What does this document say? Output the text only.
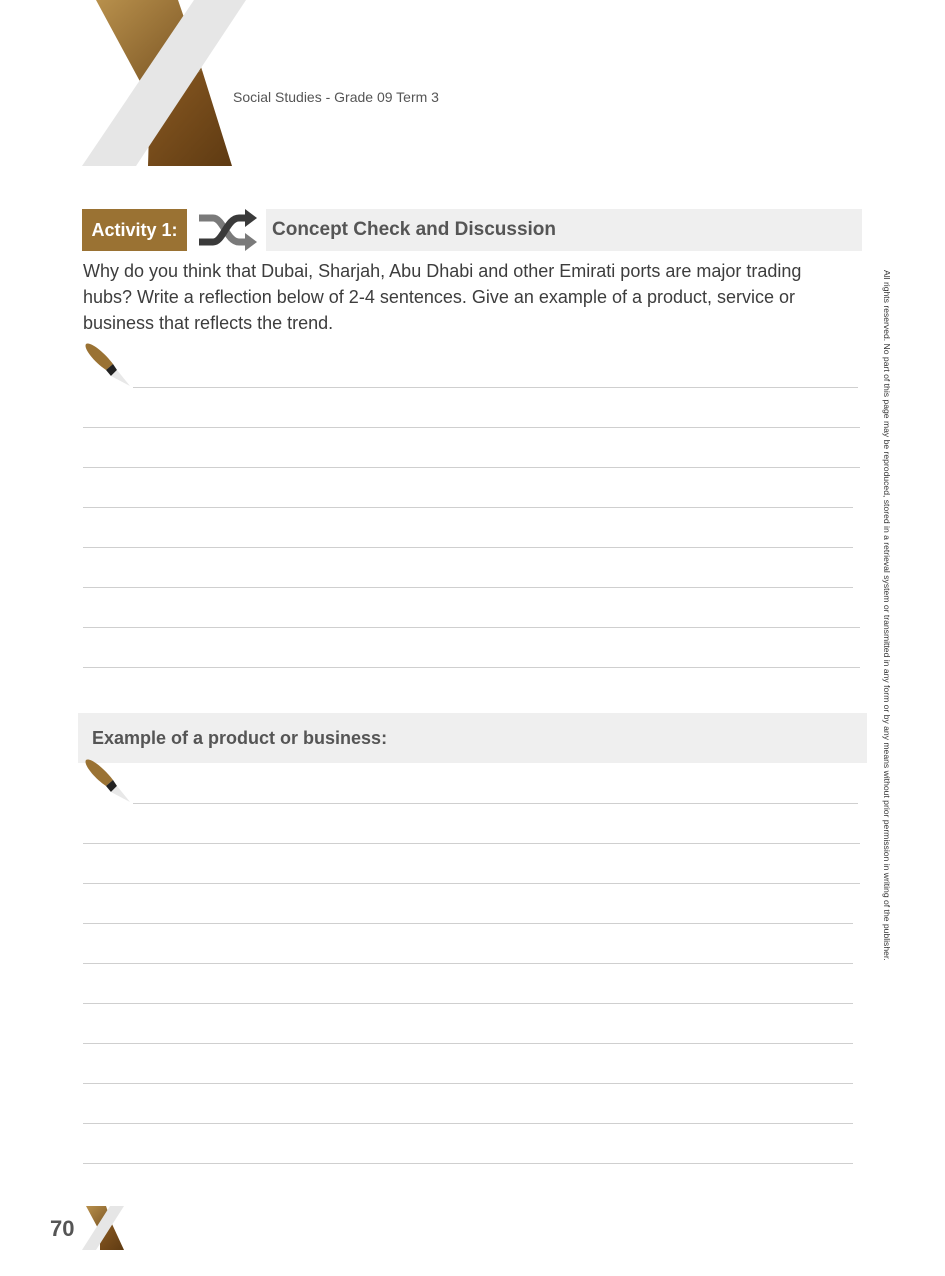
Social Studies - Grade 09 Term 3
Activity 1:	Concept Check and Discussion
Why do you think that Dubai, Sharjah, Abu Dhabi and other Emirati ports are major trading hubs? Write a reflection below of 2-4 sentences. Give an example of a product, service or business that reflects the trend.
Example of a product or business:	All rights reserved. No part of this page may be reproduced, stored in a retrieval system or transmitted in any form or by any means without prior permission in writing of the publisher.
70
